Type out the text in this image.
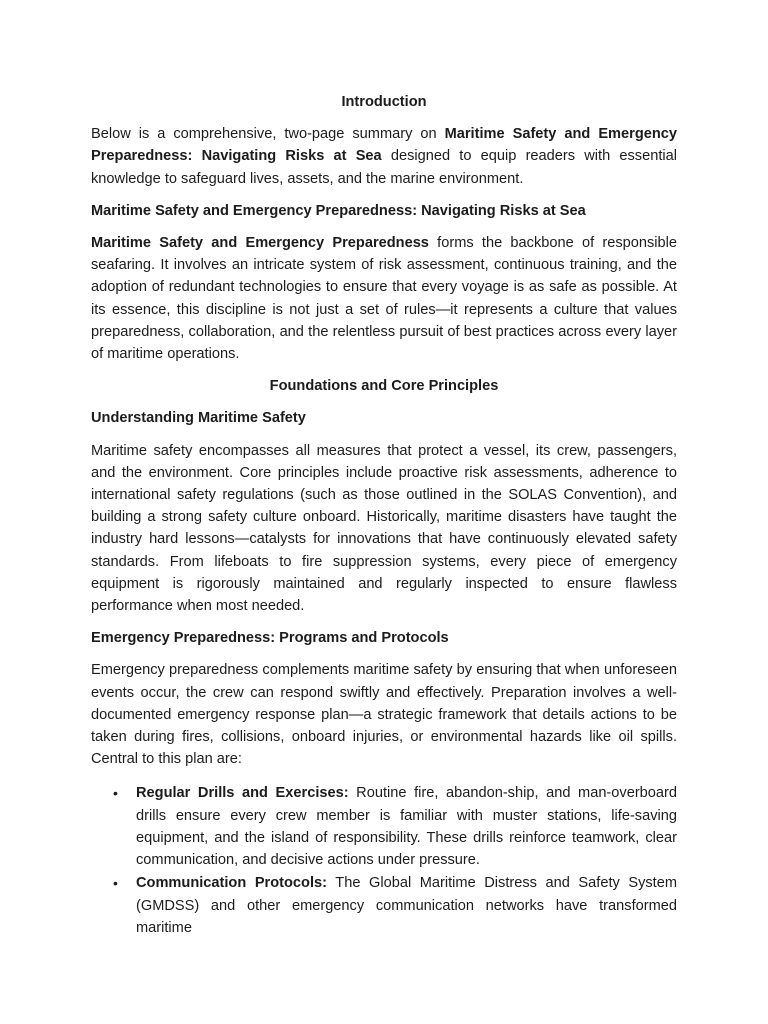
Introduction

Below is a comprehensive, two-page summary on Maritime Safety and Emergency Preparedness: Navigating Risks at Sea designed to equip readers with essential knowledge to safeguard lives, assets, and the marine environment.

Maritime Safety and Emergency Preparedness: Navigating Risks at Sea

Maritime Safety and Emergency Preparedness forms the backbone of responsible seafaring. It involves an intricate system of risk assessment, continuous training, and the adoption of redundant technologies to ensure that every voyage is as safe as possible. At its essence, this discipline is not just a set of rules—it represents a culture that values preparedness, collaboration, and the relentless pursuit of best practices across every layer of maritime operations.

Foundations and Core Principles

Understanding Maritime Safety

Maritime safety encompasses all measures that protect a vessel, its crew, passengers, and the environment. Core principles include proactive risk assessments, adherence to international safety regulations (such as those outlined in the SOLAS Convention), and building a strong safety culture onboard. Historically, maritime disasters have taught the industry hard lessons—catalysts for innovations that have continuously elevated safety standards. From lifeboats to fire suppression systems, every piece of emergency equipment is rigorously maintained and regularly inspected to ensure flawless performance when most needed.

Emergency Preparedness: Programs and Protocols

Emergency preparedness complements maritime safety by ensuring that when unforeseen events occur, the crew can respond swiftly and effectively. Preparation involves a well-documented emergency response plan—a strategic framework that details actions to be taken during fires, collisions, onboard injuries, or environmental hazards like oil spills. Central to this plan are:

• Regular Drills and Exercises: Routine fire, abandon-ship, and man-overboard drills ensure every crew member is familiar with muster stations, life-saving equipment, and the island of responsibility. These drills reinforce teamwork, clear communication, and decisive actions under pressure.
• Communication Protocols: The Global Maritime Distress and Safety System (GMDSS) and other emergency communication networks have transformed maritime
